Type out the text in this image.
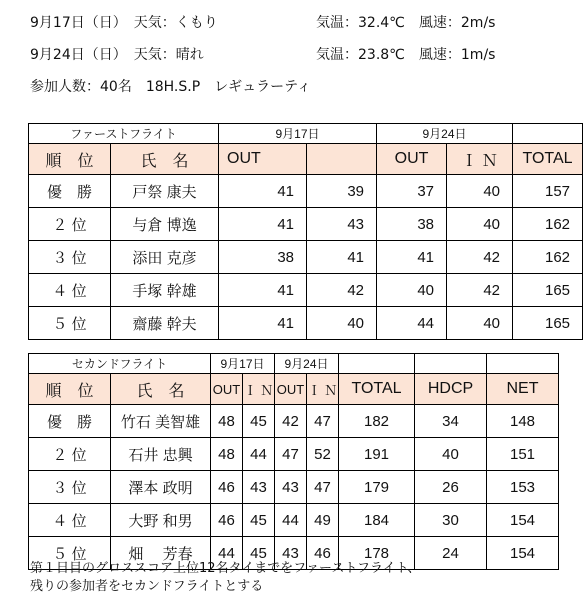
9月17日（日）　天気：くもり	気温：32.4℃　風速：2m/s
9月24日（日）　天気：晴れ	気温：23.8℃　風速：1m/s
参加人数：40名　18H.S.P　レギュラーティ
ファーストフライト		9月17日		9月24日		
順　位	氏　名	OUT		OUT	Ｉ Ｎ	TOTAL
優　勝	戸祭 康夫	41	39	37	40	157
２ 位	与倉 博逸	41	43	38	40	162
３ 位	添田 克彦	38	41	41	42	162
４ 位	手塚 幹雄	41	42	40	42	165
５ 位	齋藤 幹夫	41	40	44	40	165
セカンドフライト		9月17日		9月24日				
順　位	氏　名	OUT	Ｉ Ｎ	OUT	Ｉ Ｎ	TOTAL	HDCP	NET
優　勝	竹石 美智雄	48	45	42	47	182	34	148
２ 位	石井 忠興	48	44	47	52	191	40	151
３ 位	澤本 政明	46	43	43	47	179	26	153
４ 位	大野 和男	46	45	44	49	184	30	154
５ 位	畑　 芳春	44	45	43	46	178	24	154
第１日目のグロススコア上位12名タイまでをファーストフライト、
残りの参加者をセカンドフライトとする
